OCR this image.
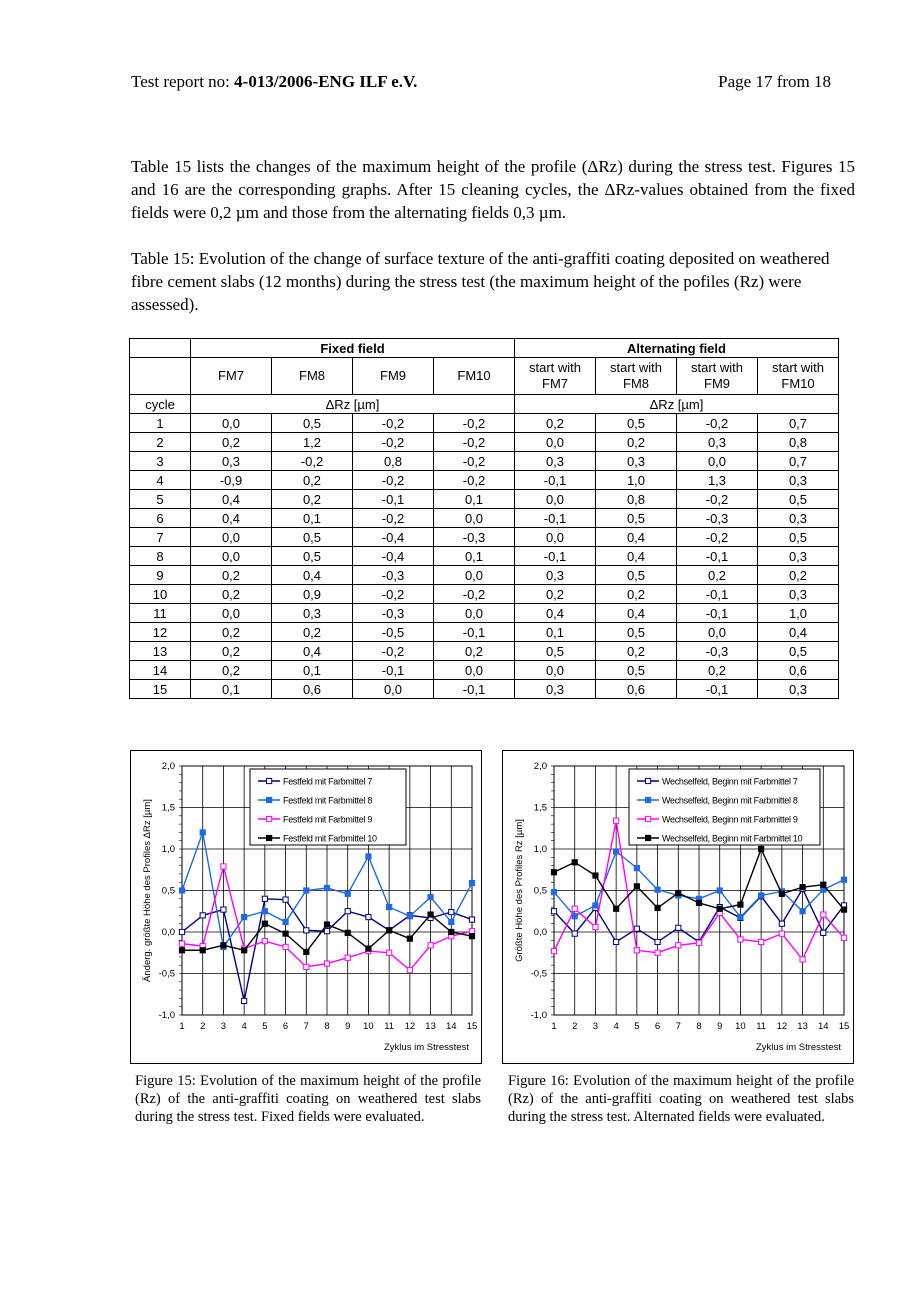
Test report no: 4-013/2006-ENG ILF e.V.	Page 17 from 18
Table 15 lists the changes of the maximum height of the profile (ΔRz) during the stress test. Figures 15 and 16 are the corresponding graphs. After 15 cleaning cycles, the ΔRz-values obtained from the fixed fields were 0,2 µm and those from the alternating fields 0,3 µm.
Table 15: Evolution of the change of surface texture of the anti-graffiti coating deposited on weathered fibre cement slabs (12 months) during the stress test (the maximum height of the pofiles (Rz) were assessed).
	Fixed field				Alternating field			
	FM7	FM8	FM9	FM10	start with FM7	start with FM8	start with FM9	start with FM10
cycle	ΔRz [µm]				ΔRz [µm]			
1	0,0	0,5	-0,2	-0,2	0,2	0,5	-0,2	0,7
2	0,2	1,2	-0,2	-0,2	0,0	0,2	0,3	0,8
3	0,3	-0,2	0,8	-0,2	0,3	0,3	0,0	0,7
4	-0,9	0,2	-0,2	-0,2	-0,1	1,0	1,3	0,3
5	0,4	0,2	-0,1	0,1	0,0	0,8	-0,2	0,5
6	0,4	0,1	-0,2	0,0	-0,1	0,5	-0,3	0,3
7	0,0	0,5	-0,4	-0,3	0,0	0,4	-0,2	0,5
8	0,0	0,5	-0,4	0,1	-0,1	0,4	-0,1	0,3
9	0,2	0,4	-0,3	0,0	0,3	0,5	0,2	0,2
10	0,2	0,9	-0,2	-0,2	0,2	0,2	-0,1	0,3
11	0,0	0,3	-0,3	0,0	0,4	0,4	-0,1	1,0
12	0,2	0,2	-0,5	-0,1	0,1	0,5	0,0	0,4
13	0,2	0,4	-0,2	0,2	0,5	0,2	-0,3	0,5
14	0,2	0,1	-0,1	0,0	0,0	0,5	0,2	0,6
15	0,1	0,6	0,0	-0,1	0,3	0,6	-0,1	0,3
-1,0
-0,5
0,0
0,5
1,0
1,5
2,0
1 2 3 4 5 6 7 8 9 10 11 12 13 14 15
Zyklus im Stresstest
Änderg. größte Höhe des Profiles ΔRz [µm]
Festfeld mit Farbmittel 7
Festfeld mit Farbmittel 8
Festfeld mit Farbmittel 9
Festfeld mit Farbmittel 10
-1,0
-0,5
0,0
0,5
1,0
1,5
2,0
1 2 3 4 5 6 7 8 9 10 11 12 13 14 15
Zyklus im Stresstest
Größte Höhe des Profiles Rz [µm]
Wechselfeld, Beginn mit Farbmittel 7
Wechselfeld, Beginn mit Farbmittel 8
Wechselfeld, Beginn mit Farbmittel 9
Wechselfeld, Beginn mit Farbmittel 10
Figure 15: Evolution of the maximum height of the profile (Rz) of the anti-graffiti coating on weathered test slabs during the stress test. Fixed fields were evaluated.
Figure 16: Evolution of the maximum height of the profile (Rz) of the anti-graffiti coating on weathered test slabs during the stress test. Alternated fields were evaluated.
